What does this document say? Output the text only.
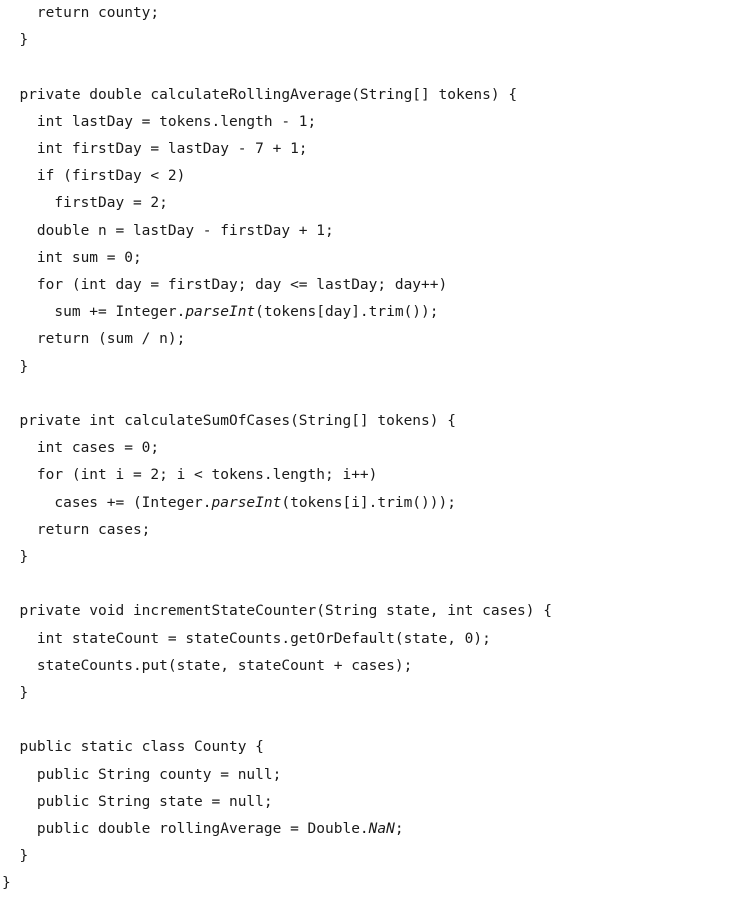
return county;
}

private double calculateRollingAverage(String[] tokens) {
int lastDay = tokens.length - 1;
int firstDay = lastDay - 7 + 1;
if (firstDay < 2)
firstDay = 2;
double n = lastDay - firstDay + 1;
int sum = 0;
for (int day = firstDay; day <= lastDay; day++)
sum += Integer.parseInt(tokens[day].trim());
return (sum / n);
}

private int calculateSumOfCases(String[] tokens) {
int cases = 0;
for (int i = 2; i < tokens.length; i++)
cases += (Integer.parseInt(tokens[i].trim()));
return cases;
}

private void incrementStateCounter(String state, int cases) {
int stateCount = stateCounts.getOrDefault(state, 0);
stateCounts.put(state, stateCount + cases);
}

public static class County {
public String county = null;
public String state = null;
public double rollingAverage = Double.NaN;
}
}
